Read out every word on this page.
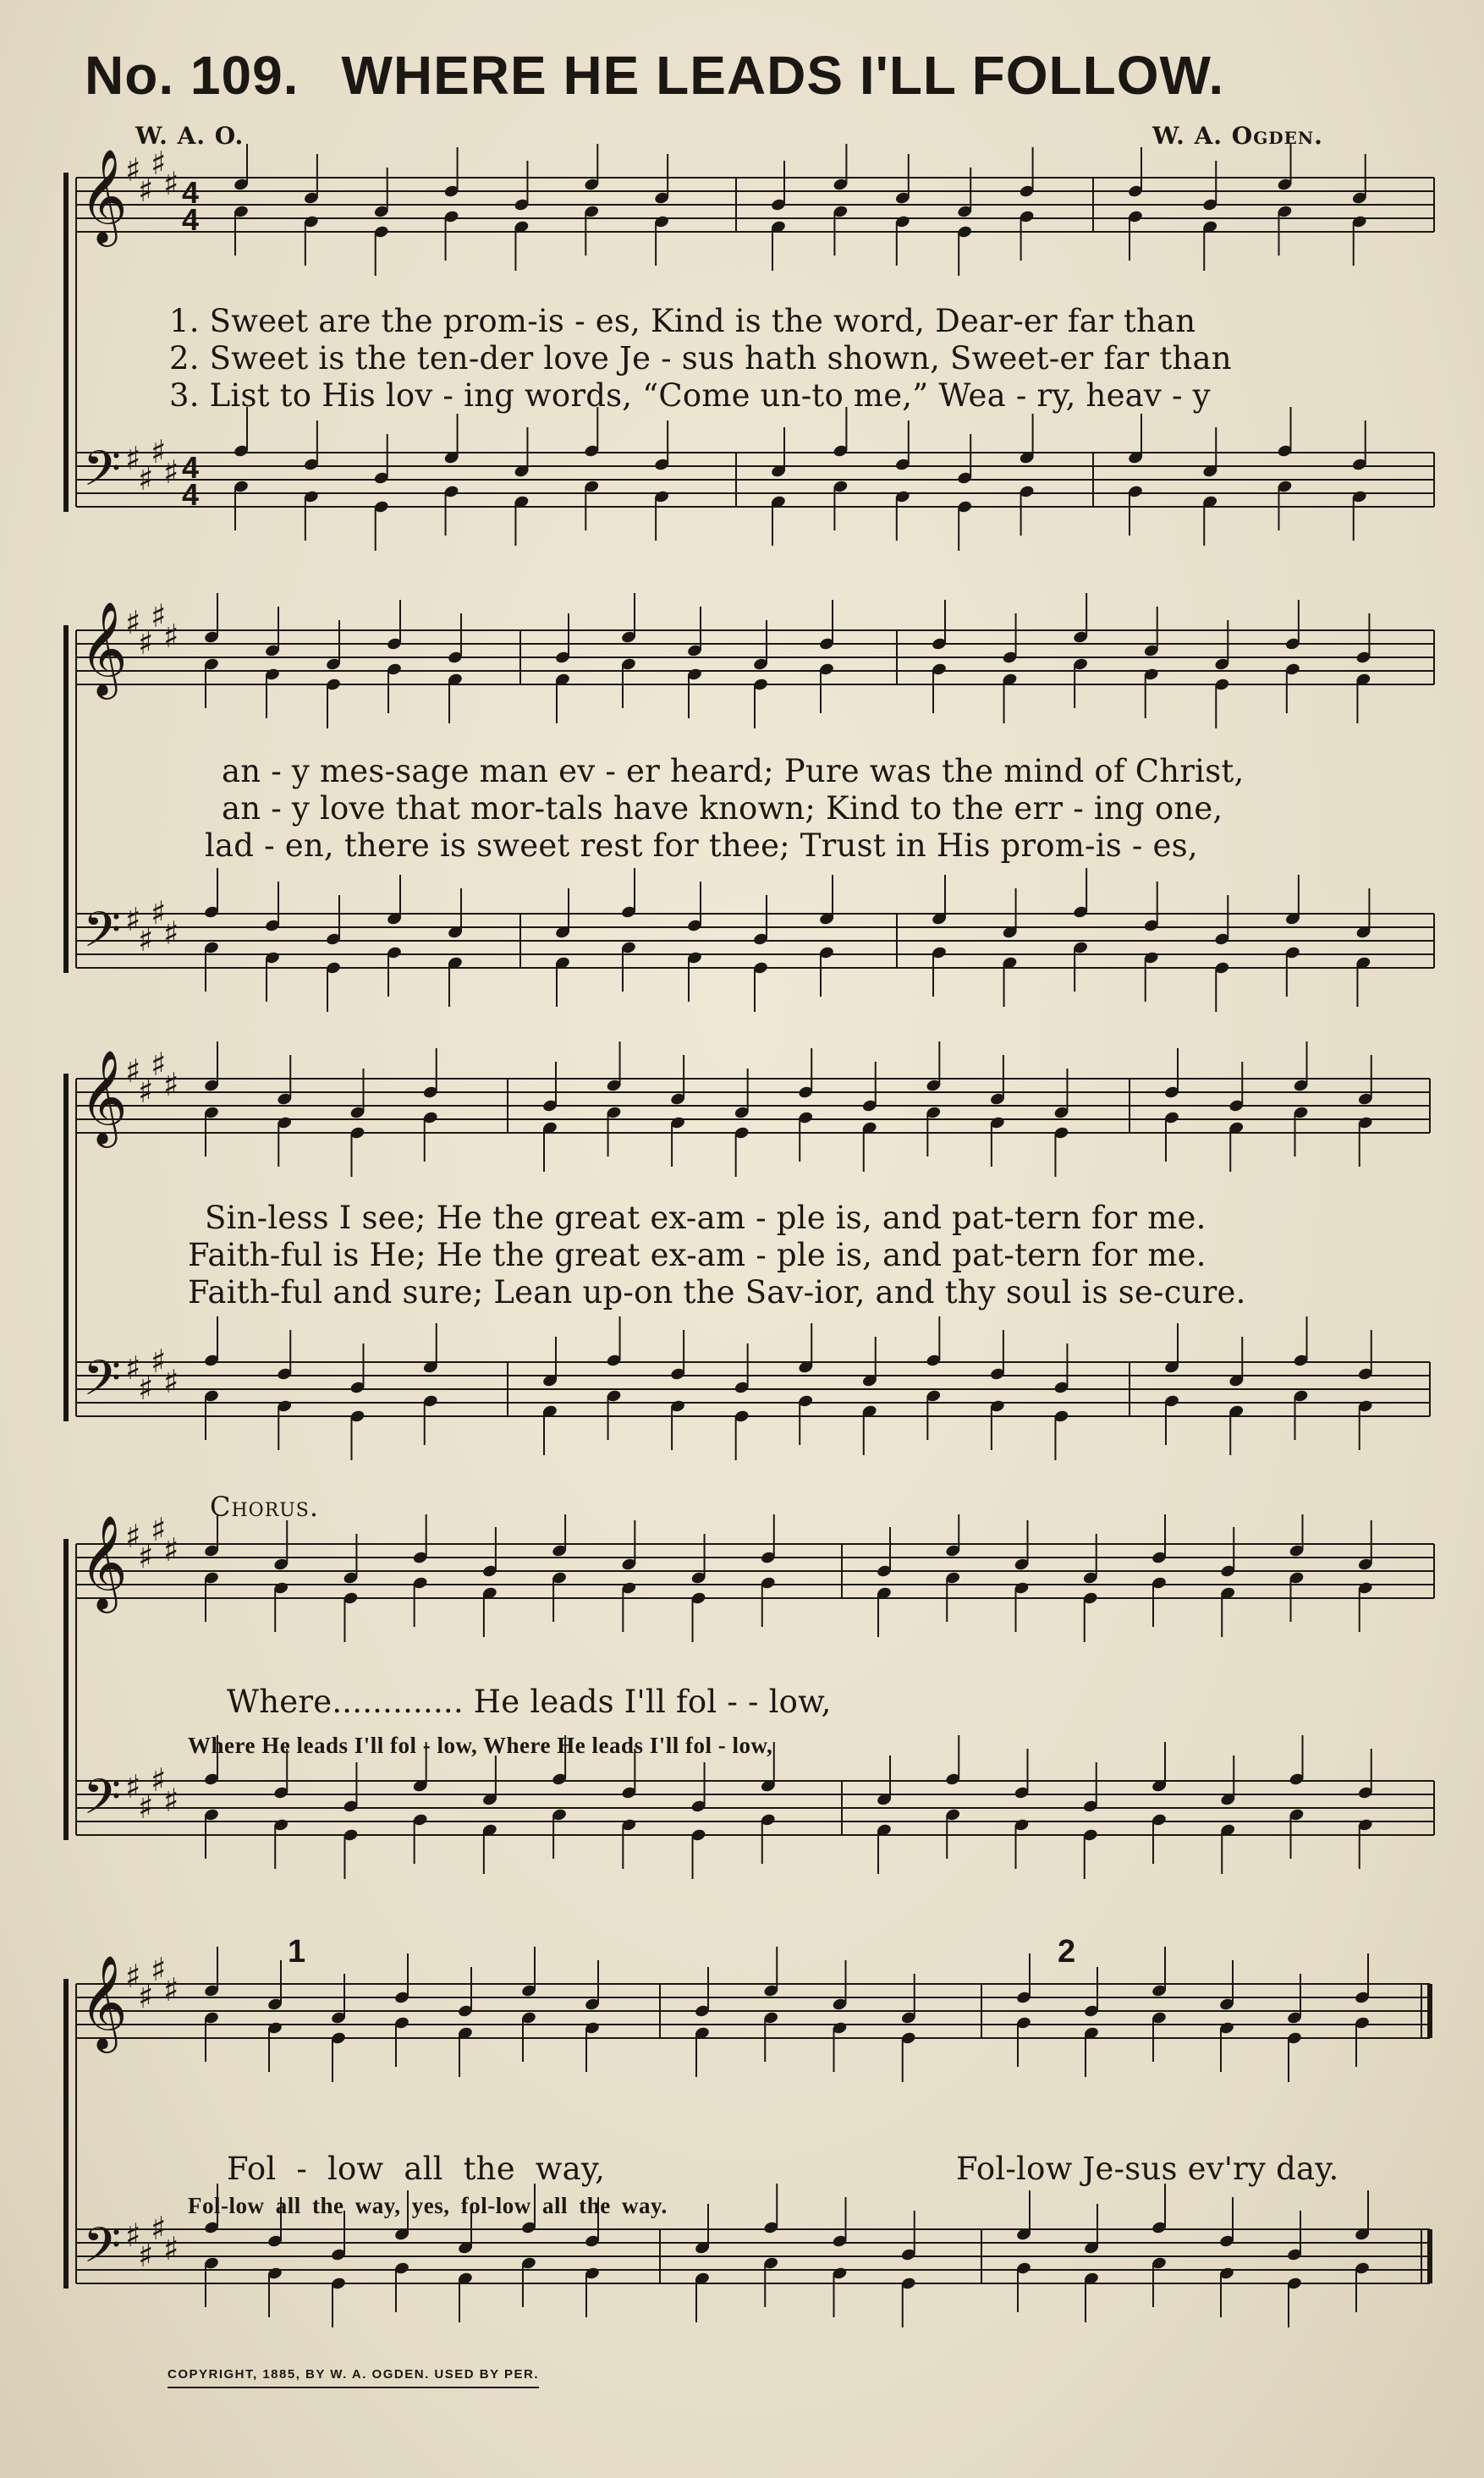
No. 109. WHERE HE LEADS I'LL FOLLOW.
W. A. O.	W. A. Ogden.
𝄞
𝄢
♯
♯
♯
♯
♯
♯
♯
♯
4
4
4
4
1. Sweet are the prom-is - es, Kind is the word, Dear-er far than
2. Sweet is the ten-der love Je - sus hath shown, Sweet-er far than
3. List to His lov - ing words, “Come un-to me,” Wea - ry, heav - y
𝄞
𝄢
♯
♯
♯
♯
♯
♯
♯
♯
an - y mes-sage man ev - er heard; Pure was the mind of Christ,
an - y love that mor-tals have known; Kind to the err - ing one,
lad - en, there is sweet rest for thee; Trust in His prom-is - es,
𝄞
𝄢
♯
♯
♯
♯
♯
♯
♯
♯
Sin-less I see; He the great ex-am - ple is, and pat-tern for me.
Faith-ful is He; He the great ex-am - ple is, and pat-tern for me.
Faith-ful and sure; Lean up-on the Sav-ior, and thy soul is se-cure.
Chorus.
𝄞
𝄢
♯
♯
♯
♯
♯
♯
♯
♯
Where............. He leads I'll fol - - low,
Where He leads I'll fol - low, Where He leads I'll fol - low,
𝄞
𝄢
♯
♯
♯
♯
♯
♯
♯
♯
1	2
Fol - low all the way,	Fol-low Je-sus ev'ry day.
Fol-low all the way, yes, fol-low all the way.
COPYRIGHT, 1885, BY W. A. OGDEN. USED BY PER.
